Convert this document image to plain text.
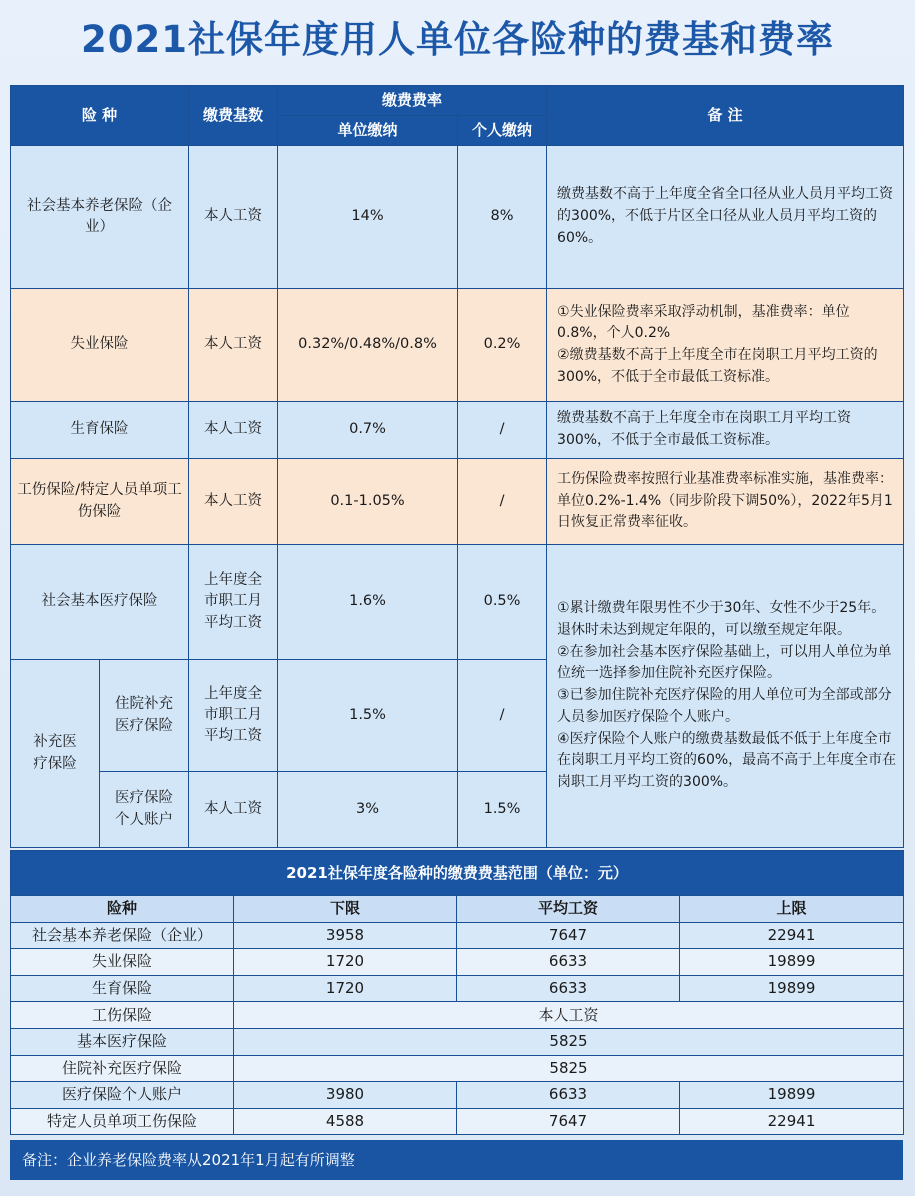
2021社保年度用人单位各险种的费基和费率
险 种		缴费基数	缴费费率		备 注
			单位缴纳	个人缴纳	
社会基本养老保险（企业）		本人工资	14%	8%	缴费基数不高于上年度全省全口径从业人员月平均工资的300%，不低于片区全口径从业人员月平均工资的60%。
失业保险		本人工资	0.32%/0.48%/0.8%	0.2%	①失业保险费率采取浮动机制，基准费率：单位0.8%，个人0.2%
②缴费基数不高于上年度全市在岗职工月平均工资的300%，不低于全市最低工资标准。

生育保险		本人工资	0.7%	/	缴费基数不高于上年度全市在岗职工月平均工资300%，不低于全市最低工资标准。
工伤保险/特定人员单项工伤保险		本人工资	0.1-1.05%	/	工伤保险费率按照行业基准费率标准实施，基准费率：单位0.2%-1.4%（同步阶段下调50%），2022年5月1日恢复正常费率征收。
社会基本医疗保险		上年度全市职工月平均工资	1.6%	0.5%	①累计缴费年限男性不少于30年、女性不少于25年。退休时未达到规定年限的，可以缴至规定年限。
②在参加社会基本医疗保险基础上，可以用人单位为单位统一选择参加住院补充医疗保险。
③已参加住院补充医疗保险的用人单位可为全部或部分人员参加医疗保险个人账户。
④医疗保险个人账户的缴费基数最低不低于上年度全市在岗职工月平均工资的60%，最高不高于上年度全市在岗职工月平均工资的300%。

补充医疗保险	住院补充医疗保险	上年度全市职工月平均工资	1.5%	/	
	医疗保险个人账户	本人工资	3%	1.5%	
2021社保年度各险种的缴费费基范围（单位：元）			
险种	下限	平均工资	上限
社会基本养老保险（企业）	3958	7647	22941
失业保险	1720	6633	19899
生育保险	1720	6633	19899
工伤保险	本人工资		
基本医疗保险	5825		
住院补充医疗保险	5825		
医疗保险个人账户	3980	6633	19899
特定人员单项工伤保险	4588	7647	22941
备注：企业养老保险费率从2021年1月起有所调整
